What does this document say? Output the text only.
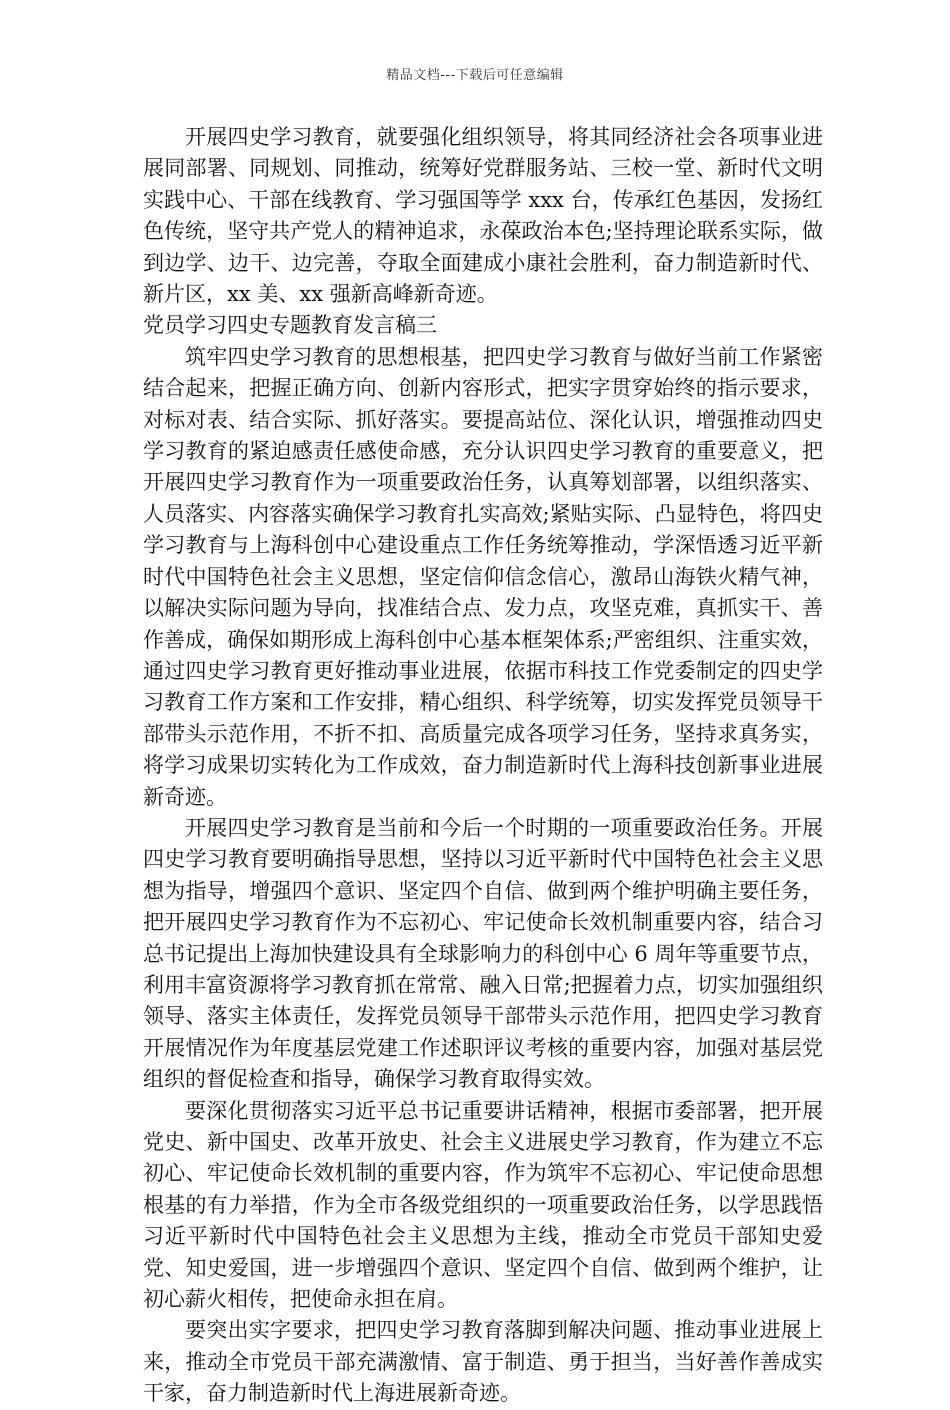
精品文档---下载后可任意编辑

开展四史学习教育，就要强化组织领导，将其同经济社会各项事业进展同部署、同规划、同推动，统筹好党群服务站、三校一堂、新时代文明实践中心、干部在线教育、学习强国等学 xxx 台，传承红色基因，发扬红色传统，坚守共产党人的精神追求，永葆政治本色;坚持理论联系实际，做到边学、边干、边完善，夺取全面建成小康社会胜利，奋力制造新时代、新片区，xx 美、xx 强新高峰新奇迹。

党员学习四史专题教育发言稿三

筑牢四史学习教育的思想根基，把四史学习教育与做好当前工作紧密结合起来，把握正确方向、创新内容形式，把实字贯穿始终的指示要求，对标对表、结合实际、抓好落实。要提高站位、深化认识，增强推动四史学习教育的紧迫感责任感使命感，充分认识四史学习教育的重要意义，把开展四史学习教育作为一项重要政治任务，认真筹划部署，以组织落实、人员落实、内容落实确保学习教育扎实高效;紧贴实际、凸显特色，将四史学习教育与上海科创中心建设重点工作任务统筹推动，学深悟透习近平新时代中国特色社会主义思想，坚定信仰信念信心，激昂山海铁火精气神，以解决实际问题为导向，找准结合点、发力点，攻坚克难，真抓实干、善作善成，确保如期形成上海科创中心基本框架体系;严密组织、注重实效，通过四史学习教育更好推动事业进展，依据市科技工作党委制定的四史学习教育工作方案和工作安排，精心组织、科学统筹，切实发挥党员领导干部带头示范作用，不折不扣、高质量完成各项学习任务，坚持求真务实，将学习成果切实转化为工作成效，奋力制造新时代上海科技创新事业进展新奇迹。

开展四史学习教育是当前和今后一个时期的一项重要政治任务。开展四史学习教育要明确指导思想，坚持以习近平新时代中国特色社会主义思想为指导，增强四个意识、坚定四个自信、做到两个维护明确主要任务，把开展四史学习教育作为不忘初心、牢记使命长效机制重要内容，结合习总书记提出上海加快建设具有全球影响力的科创中心 6 周年等重要节点，利用丰富资源将学习教育抓在常常、融入日常;把握着力点，切实加强组织领导、落实主体责任，发挥党员领导干部带头示范作用，把四史学习教育开展情况作为年度基层党建工作述职评议考核的重要内容，加强对基层党组织的督促检查和指导，确保学习教育取得实效。

要深化贯彻落实习近平总书记重要讲话精神，根据市委部署，把开展党史、新中国史、改革开放史、社会主义进展史学习教育，作为建立不忘初心、牢记使命长效机制的重要内容，作为筑牢不忘初心、牢记使命思想根基的有力举措，作为全市各级党组织的一项重要政治任务，以学思践悟习近平新时代中国特色社会主义思想为主线，推动全市党员干部知史爱党、知史爱国，进一步增强四个意识、坚定四个自信、做到两个维护，让初心薪火相传，把使命永担在肩。

要突出实字要求，把四史学习教育落脚到解决问题、推动事业进展上来，推动全市党员干部充满激情、富于制造、勇于担当，当好善作善成实干家，奋力制造新时代上海进展新奇迹。
